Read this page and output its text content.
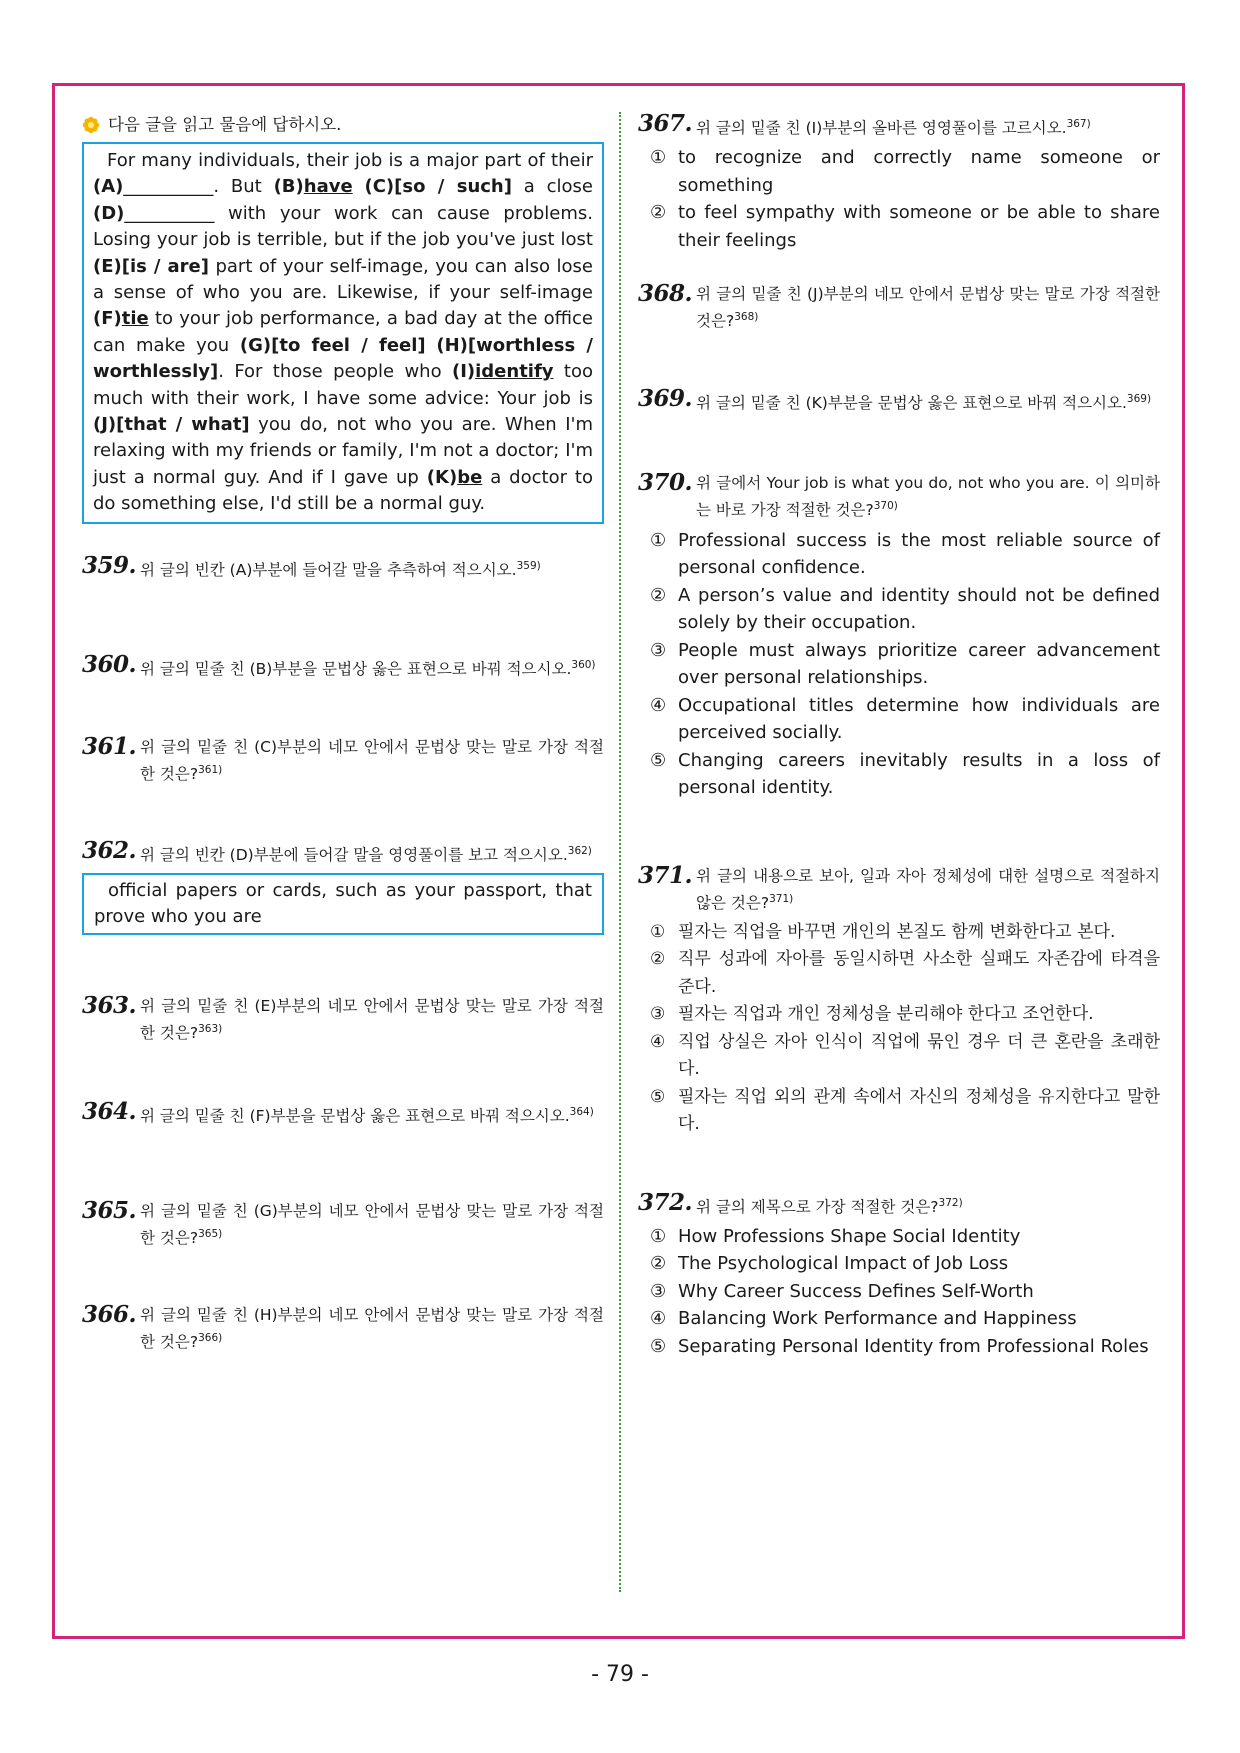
다음 글을 읽고 물음에 답하시오.
For many individuals, their job is a major part of their (A)__________. But (B)have (C)[so / such] a close (D)__________ with your work can cause problems. Losing your job is terrible, but if the job you've just lost (E)[is / are] part of your self-image, you can also lose a sense of who you are. Likewise, if your self-image (F)tie to your job performance, a bad day at the office can make you (G)[to feel / feel] (H)[worthless / worthlessly]. For those people who (I)identify too much with their work, I have some advice: Your job is (J)[that / what] you do, not who you are. When I'm relaxing with my friends or family, I'm not a doctor; I'm just a normal guy. And if I gave up (K)be a doctor to do something else, I'd still be a normal guy.
359. 위 글의 빈칸 (A)부분에 들어갈 말을 추측하여 적으시오.$^{359)}$
360. 위 글의 밑줄 친 (B)부분을 문법상 옳은 표현으로 바꿔 적으시오.$^{360)}$
361. 위 글의 밑줄 친 (C)부분의 네모 안에서 문법상 맞는 말로 가장 적절한 것은?$^{361)}$
362. 위 글의 빈칸 (D)부분에 들어갈 말을 영영풀이를 보고 적으시오.$^{362)}$
official papers or cards, such as your passport, that prove who you are
363. 위 글의 밑줄 친 (E)부분의 네모 안에서 문법상 맞는 말로 가장 적절한 것은?$^{363)}$
364. 위 글의 밑줄 친 (F)부분을 문법상 옳은 표현으로 바꿔 적으시오.$^{364)}$
365. 위 글의 밑줄 친 (G)부분의 네모 안에서 문법상 맞는 말로 가장 적절한 것은?$^{365)}$
366. 위 글의 밑줄 친 (H)부분의 네모 안에서 문법상 맞는 말로 가장 적절한 것은?$^{366)}$
367. 위 글의 밑줄 친 (I)부분의 올바른 영영풀이를 고르시오.$^{367)}$
① to recognize and correctly name someone or something
② to feel sympathy with someone or be able to share their feelings
368. 위 글의 밑줄 친 (J)부분의 네모 안에서 문법상 맞는 말로 가장 적절한 것은?$^{368)}$
369. 위 글의 밑줄 친 (K)부분을 문법상 옳은 표현으로 바꿔 적으시오.$^{369)}$
370. 위 글에서 Your job is what you do, not who you are. 이 의미하는 바로 가장 적절한 것은?$^{370)}$
① Professional success is the most reliable source of personal confidence.
② A person’s value and identity should not be defined solely by their occupation.
③ People must always prioritize career advancement over personal relationships.
④ Occupational titles determine how individuals are perceived socially.
⑤ Changing careers inevitably results in a loss of personal identity.
371. 위 글의 내용으로 보아, 일과 자아 정체성에 대한 설명으로 적절하지 않은 것은?$^{371)}$
① 필자는 직업을 바꾸면 개인의 본질도 함께 변화한다고 본다.
② 직무 성과에 자아를 동일시하면 사소한 실패도 자존감에 타격을 준다.
③ 필자는 직업과 개인 정체성을 분리해야 한다고 조언한다.
④ 직업 상실은 자아 인식이 직업에 묶인 경우 더 큰 혼란을 초래한다.
⑤ 필자는 직업 외의 관계 속에서 자신의 정체성을 유지한다고 말한다.
372. 위 글의 제목으로 가장 적절한 것은?$^{372)}$
① How Professions Shape Social Identity
② The Psychological Impact of Job Loss
③ Why Career Success Defines Self-Worth
④ Balancing Work Performance and Happiness
⑤ Separating Personal Identity from Professional Roles
- 79 -
